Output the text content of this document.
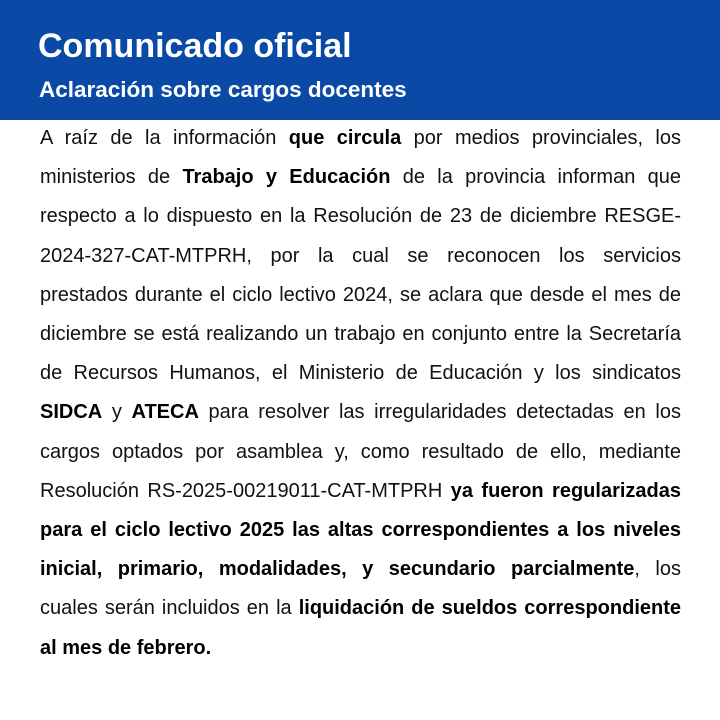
Comunicado oficial
Aclaración sobre cargos docentes

A raíz de la información que circula por medios provinciales, los ministerios de Trabajo y Educación de la provincia informan que respecto a lo dispuesto en la Resolución de 23 de diciembre RESGE-2024-327-CAT-MTPRH, por la cual se reconocen los servicios prestados durante el ciclo lectivo 2024, se aclara que desde el mes de diciembre se está realizando un trabajo en conjunto entre la Secretaría de Recursos Humanos, el Ministerio de Educación y los sindicatos SIDCA y ATECA para resolver las irregularidades detectadas en los cargos optados por asamblea y, como resultado de ello, mediante Resolución RS-2025-00219011-CAT-MTPRH ya fueron regularizadas para el ciclo lectivo 2025 las altas correspondientes a los niveles inicial, primario, modalidades, y secundario parcialmente, los cuales serán incluidos en la liquidación de sueldos correspondiente al mes de febrero.
